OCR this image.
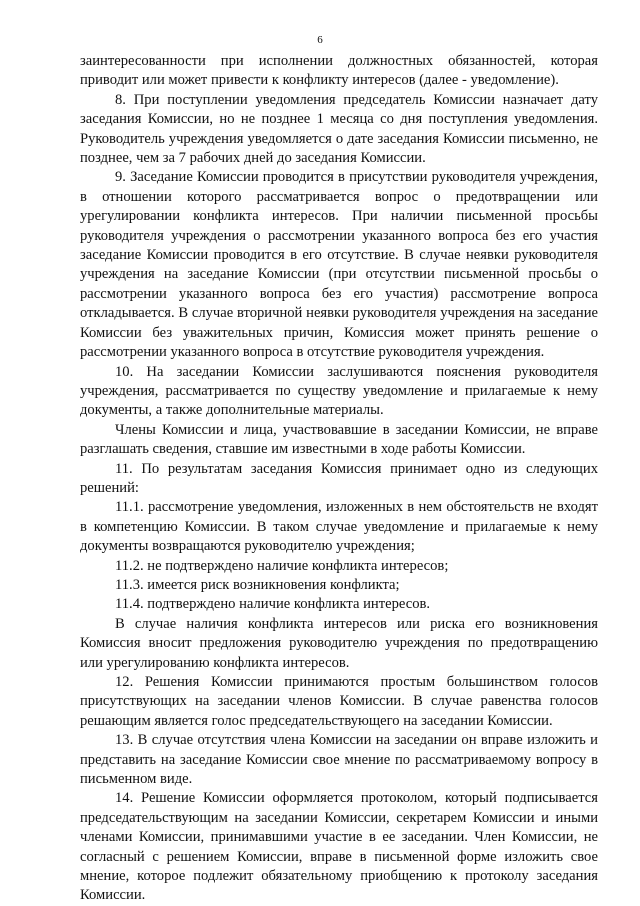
6

заинтересованности при исполнении должностных обязанностей, которая приводит или может привести к конфликту интересов (далее - уведомление).

8. При поступлении уведомления председатель Комиссии назначает дату заседания Комиссии, но не позднее 1 месяца со дня поступления уведомления. Руководитель учреждения уведомляется о дате заседания Комиссии письменно, не позднее, чем за 7 рабочих дней до заседания Комиссии.

9. Заседание Комиссии проводится в присутствии руководителя учреждения, в отношении которого рассматривается вопрос о предотвращении или урегулировании конфликта интересов. При наличии письменной просьбы руководителя учреждения о рассмотрении указанного вопроса без его участия заседание Комиссии проводится в его отсутствие. В случае неявки руководителя учреждения на заседание Комиссии (при отсутствии письменной просьбы о рассмотрении указанного вопроса без его участия) рассмотрение вопроса откладывается. В случае вторичной неявки руководителя учреждения на заседание Комиссии без уважительных причин, Комиссия может принять решение о рассмотрении указанного вопроса в отсутствие руководителя учреждения.

10. На заседании Комиссии заслушиваются пояснения руководителя учреждения, рассматривается по существу уведомление и прилагаемые к нему документы, а также дополнительные материалы.

Члены Комиссии и лица, участвовавшие в заседании Комиссии, не вправе разглашать сведения, ставшие им известными в ходе работы Комиссии.

11. По результатам заседания Комиссия принимает одно из следующих решений:

11.1. рассмотрение уведомления, изложенных в нем обстоятельств не входят в компетенцию Комиссии. В таком случае уведомление и прилагаемые к нему документы возвращаются руководителю учреждения;

11.2. не подтверждено наличие конфликта интересов;

11.3. имеется риск возникновения конфликта;

11.4. подтверждено наличие конфликта интересов.

В случае наличия конфликта интересов или риска его возникновения Комиссия вносит предложения руководителю учреждения по предотвращению или урегулированию конфликта интересов.

12. Решения Комиссии принимаются простым большинством голосов присутствующих на заседании членов Комиссии. В случае равенства голосов решающим является голос председательствующего на заседании Комиссии.

13. В случае отсутствия члена Комиссии на заседании он вправе изложить и представить на заседание Комиссии свое мнение по рассматриваемому вопросу в письменном виде.

14. Решение Комиссии оформляется протоколом, который подписывается председательствующим на заседании Комиссии, секретарем Комиссии и иными членами Комиссии, принимавшими участие в ее заседании. Член Комиссии, не согласный с решением Комиссии, вправе в письменной форме изложить свое мнение, которое подлежит обязательному приобщению к протоколу заседания Комиссии.
